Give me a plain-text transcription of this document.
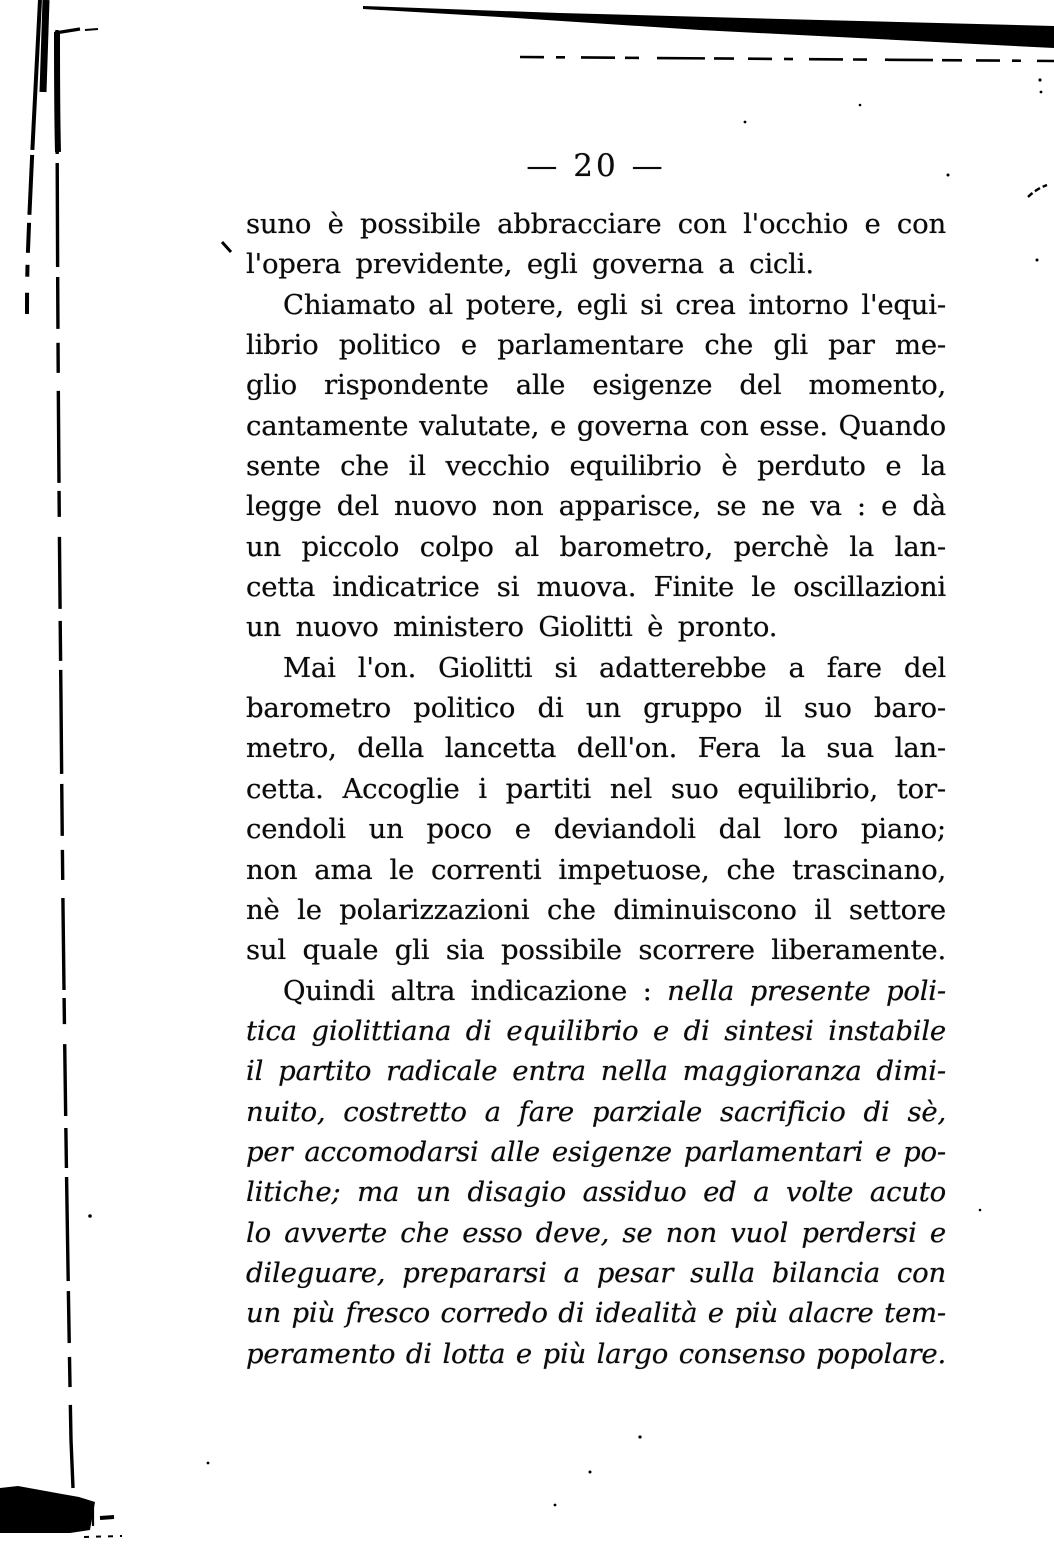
— 20 —
suno è possibile abbracciare con l'occhio e con
l'opera previdente, egli governa a cicli.
Chiamato al potere, egli si crea intorno l'equi-
librio politico e parlamentare che gli par me-
glio rispondente alle esigenze del momento,
cantamente valutate, e governa con esse. Quando
sente che il vecchio equilibrio è perduto e la
legge del nuovo non apparisce, se ne va : e dà
un piccolo colpo al barometro, perchè la lan-
cetta indicatrice si muova. Finite le oscillazioni
un nuovo ministero Giolitti è pronto.
Mai l'on. Giolitti si adatterebbe a fare del
barometro politico di un gruppo il suo baro-
metro, della lancetta dell'on. Fera la sua lan-
cetta. Accoglie i partiti nel suo equilibrio, tor-
cendoli un poco e deviandoli dal loro piano;
non ama le correnti impetuose, che trascinano,
nè le polarizzazioni che diminuiscono il settore
sul quale gli sia possibile scorrere liberamente.
Quindi altra indicazione : nella presente poli-
tica giolittiana di equilibrio e di sintesi instabile
il partito radicale entra nella maggioranza dimi-
nuito, costretto a fare parziale sacrificio di sè,
per accomodarsi alle esigenze parlamentari e po-
litiche; ma un disagio assiduo ed a volte acuto
lo avverte che esso deve, se non vuol perdersi e
dileguare, prepararsi a pesar sulla bilancia con
un più fresco corredo di idealità e più alacre tem-
peramento di lotta e più largo consenso popolare.
